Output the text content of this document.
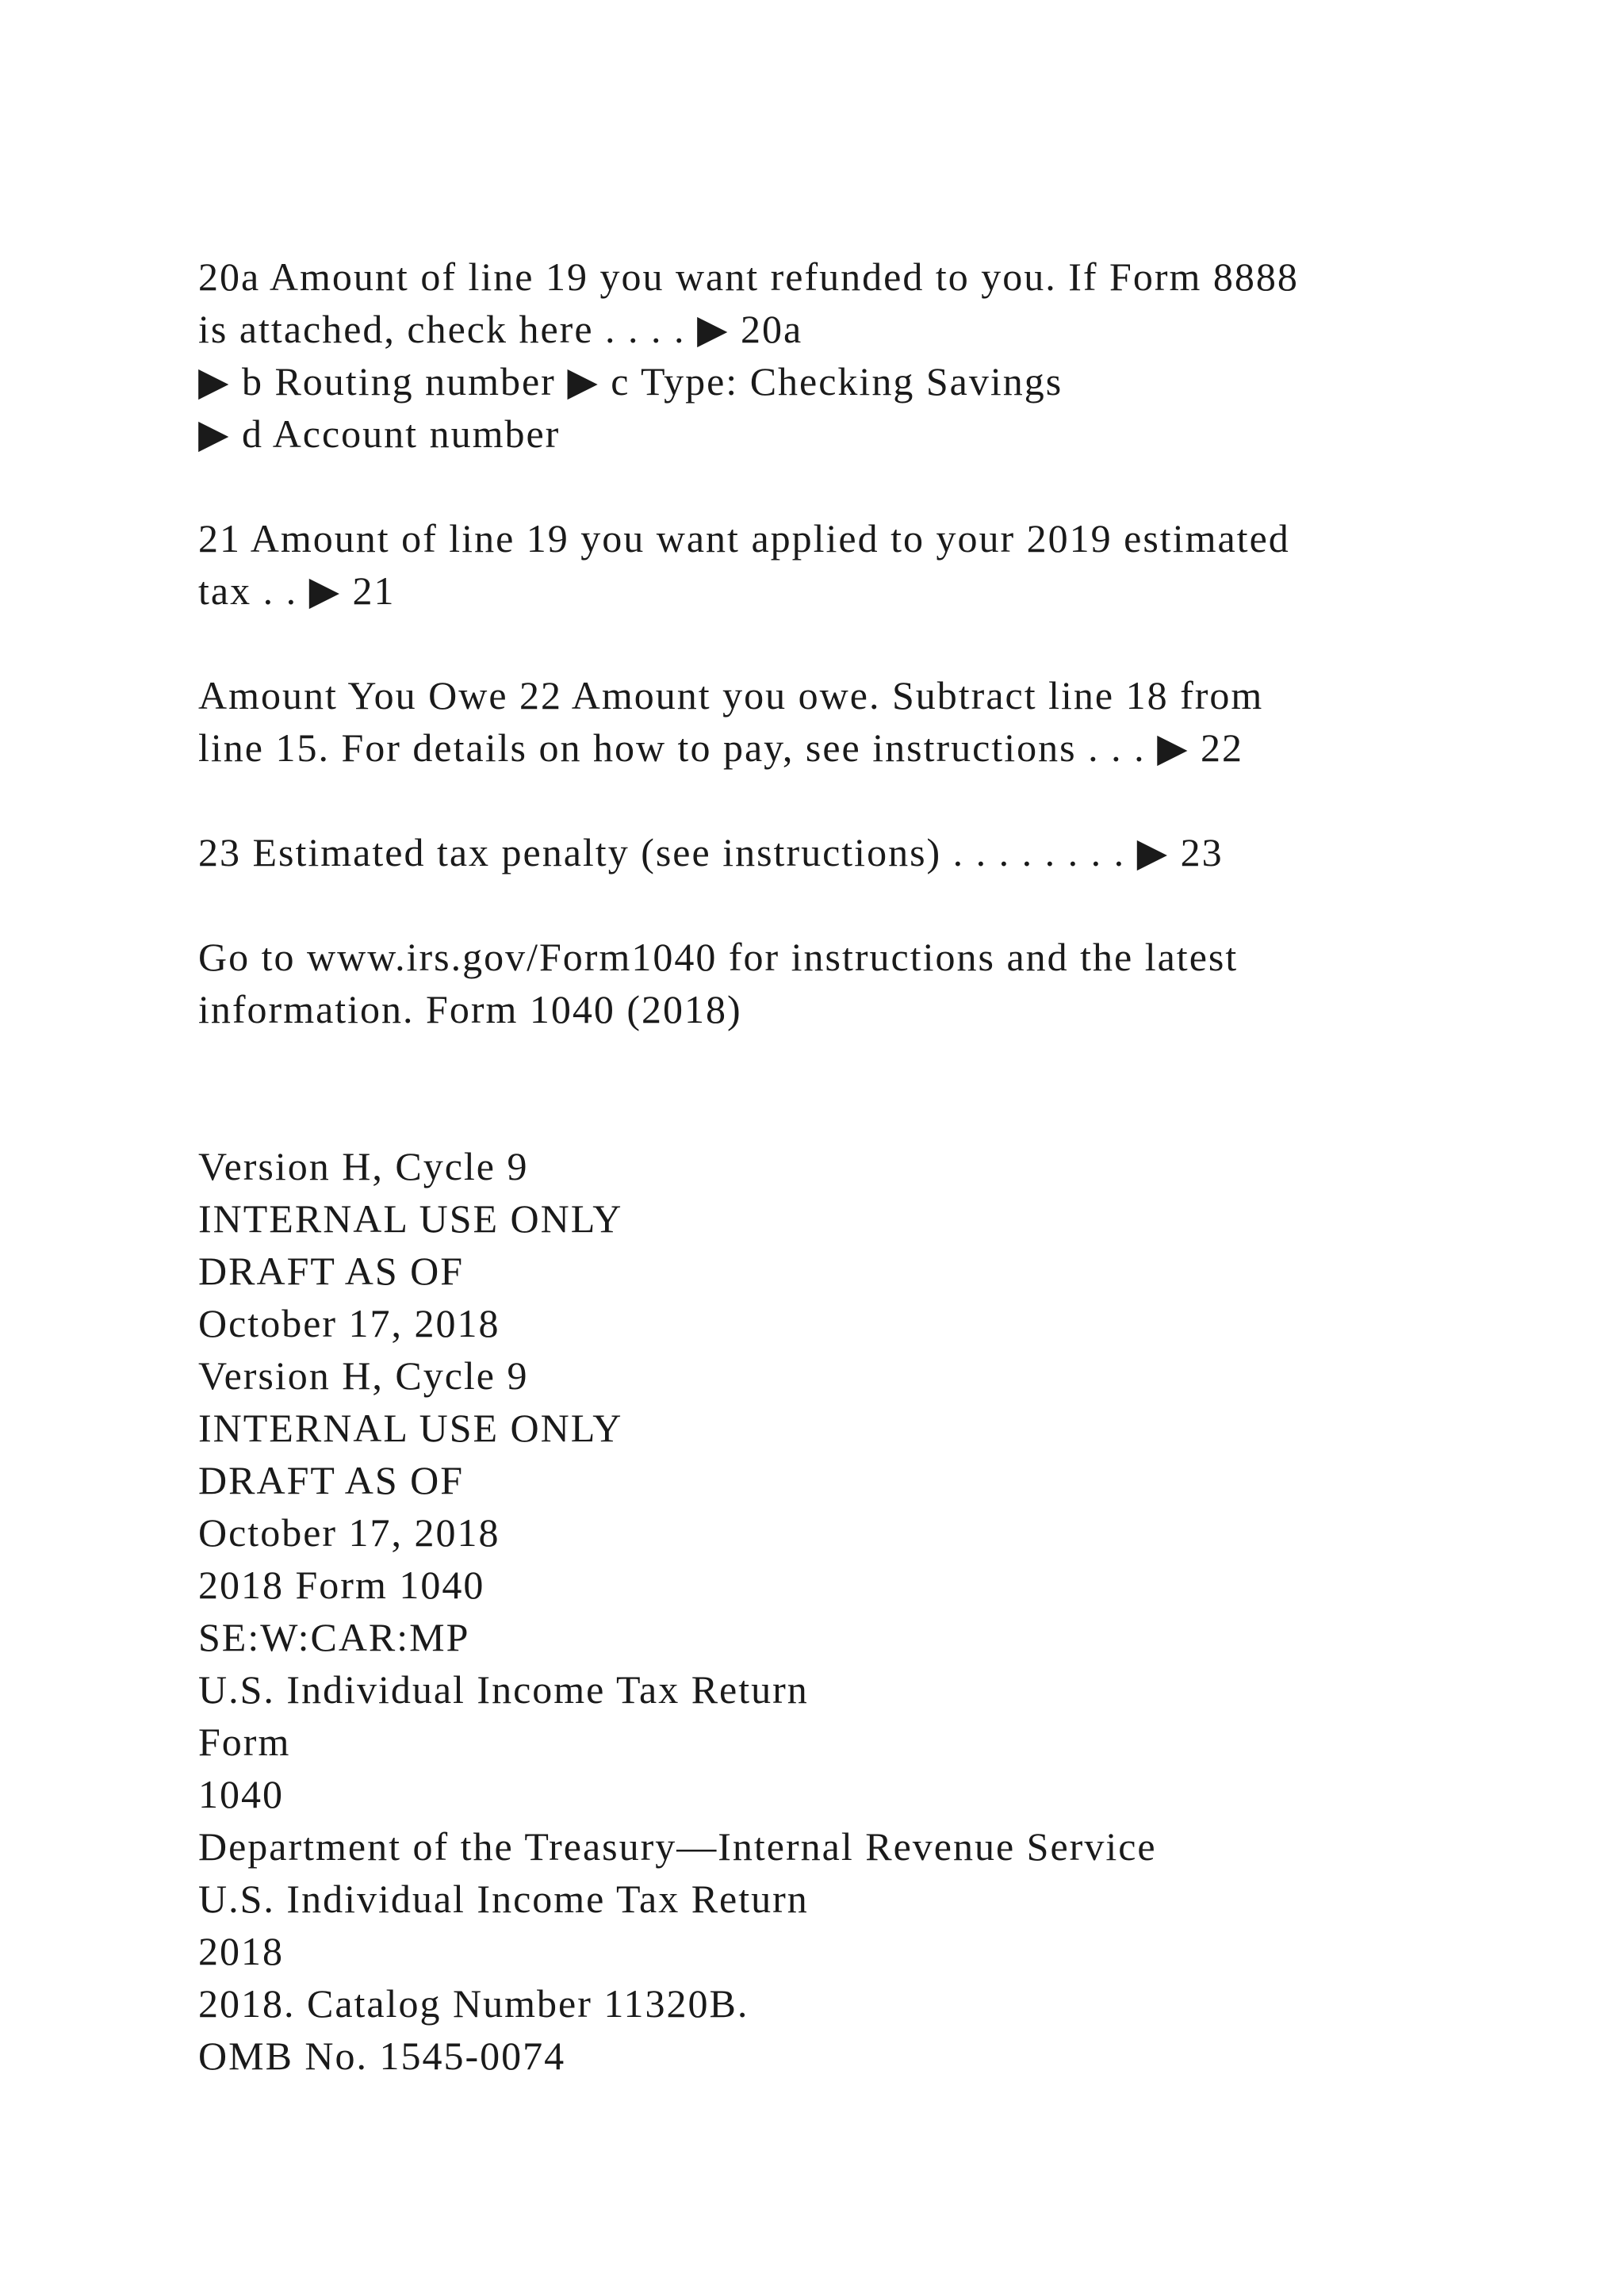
20a Amount of line 19 you want refunded to you. If Form 8888
is attached, check here . . . . ▶ 20a
▶ b Routing number ▶ c Type: Checking Savings
▶ d Account number

21 Amount of line 19 you want applied to your 2019 estimated
tax . . ▶ 21

Amount You Owe 22 Amount you owe. Subtract line 18 from
line 15. For details on how to pay, see instructions . . . ▶ 22

23 Estimated tax penalty (see instructions) . . . . . . . . ▶ 23

Go to www.irs.gov/Form1040 for instructions and the latest
information. Form 1040 (2018)

Version H, Cycle 9
INTERNAL USE ONLY
DRAFT AS OF
October 17, 2018
Version H, Cycle 9
INTERNAL USE ONLY
DRAFT AS OF
October 17, 2018
2018 Form 1040
SE:W:CAR:MP
U.S. Individual Income Tax Return
Form
1040
Department of the Treasury—Internal Revenue Service
U.S. Individual Income Tax Return
2018
2018. Catalog Number 11320B.
OMB No. 1545-0074
